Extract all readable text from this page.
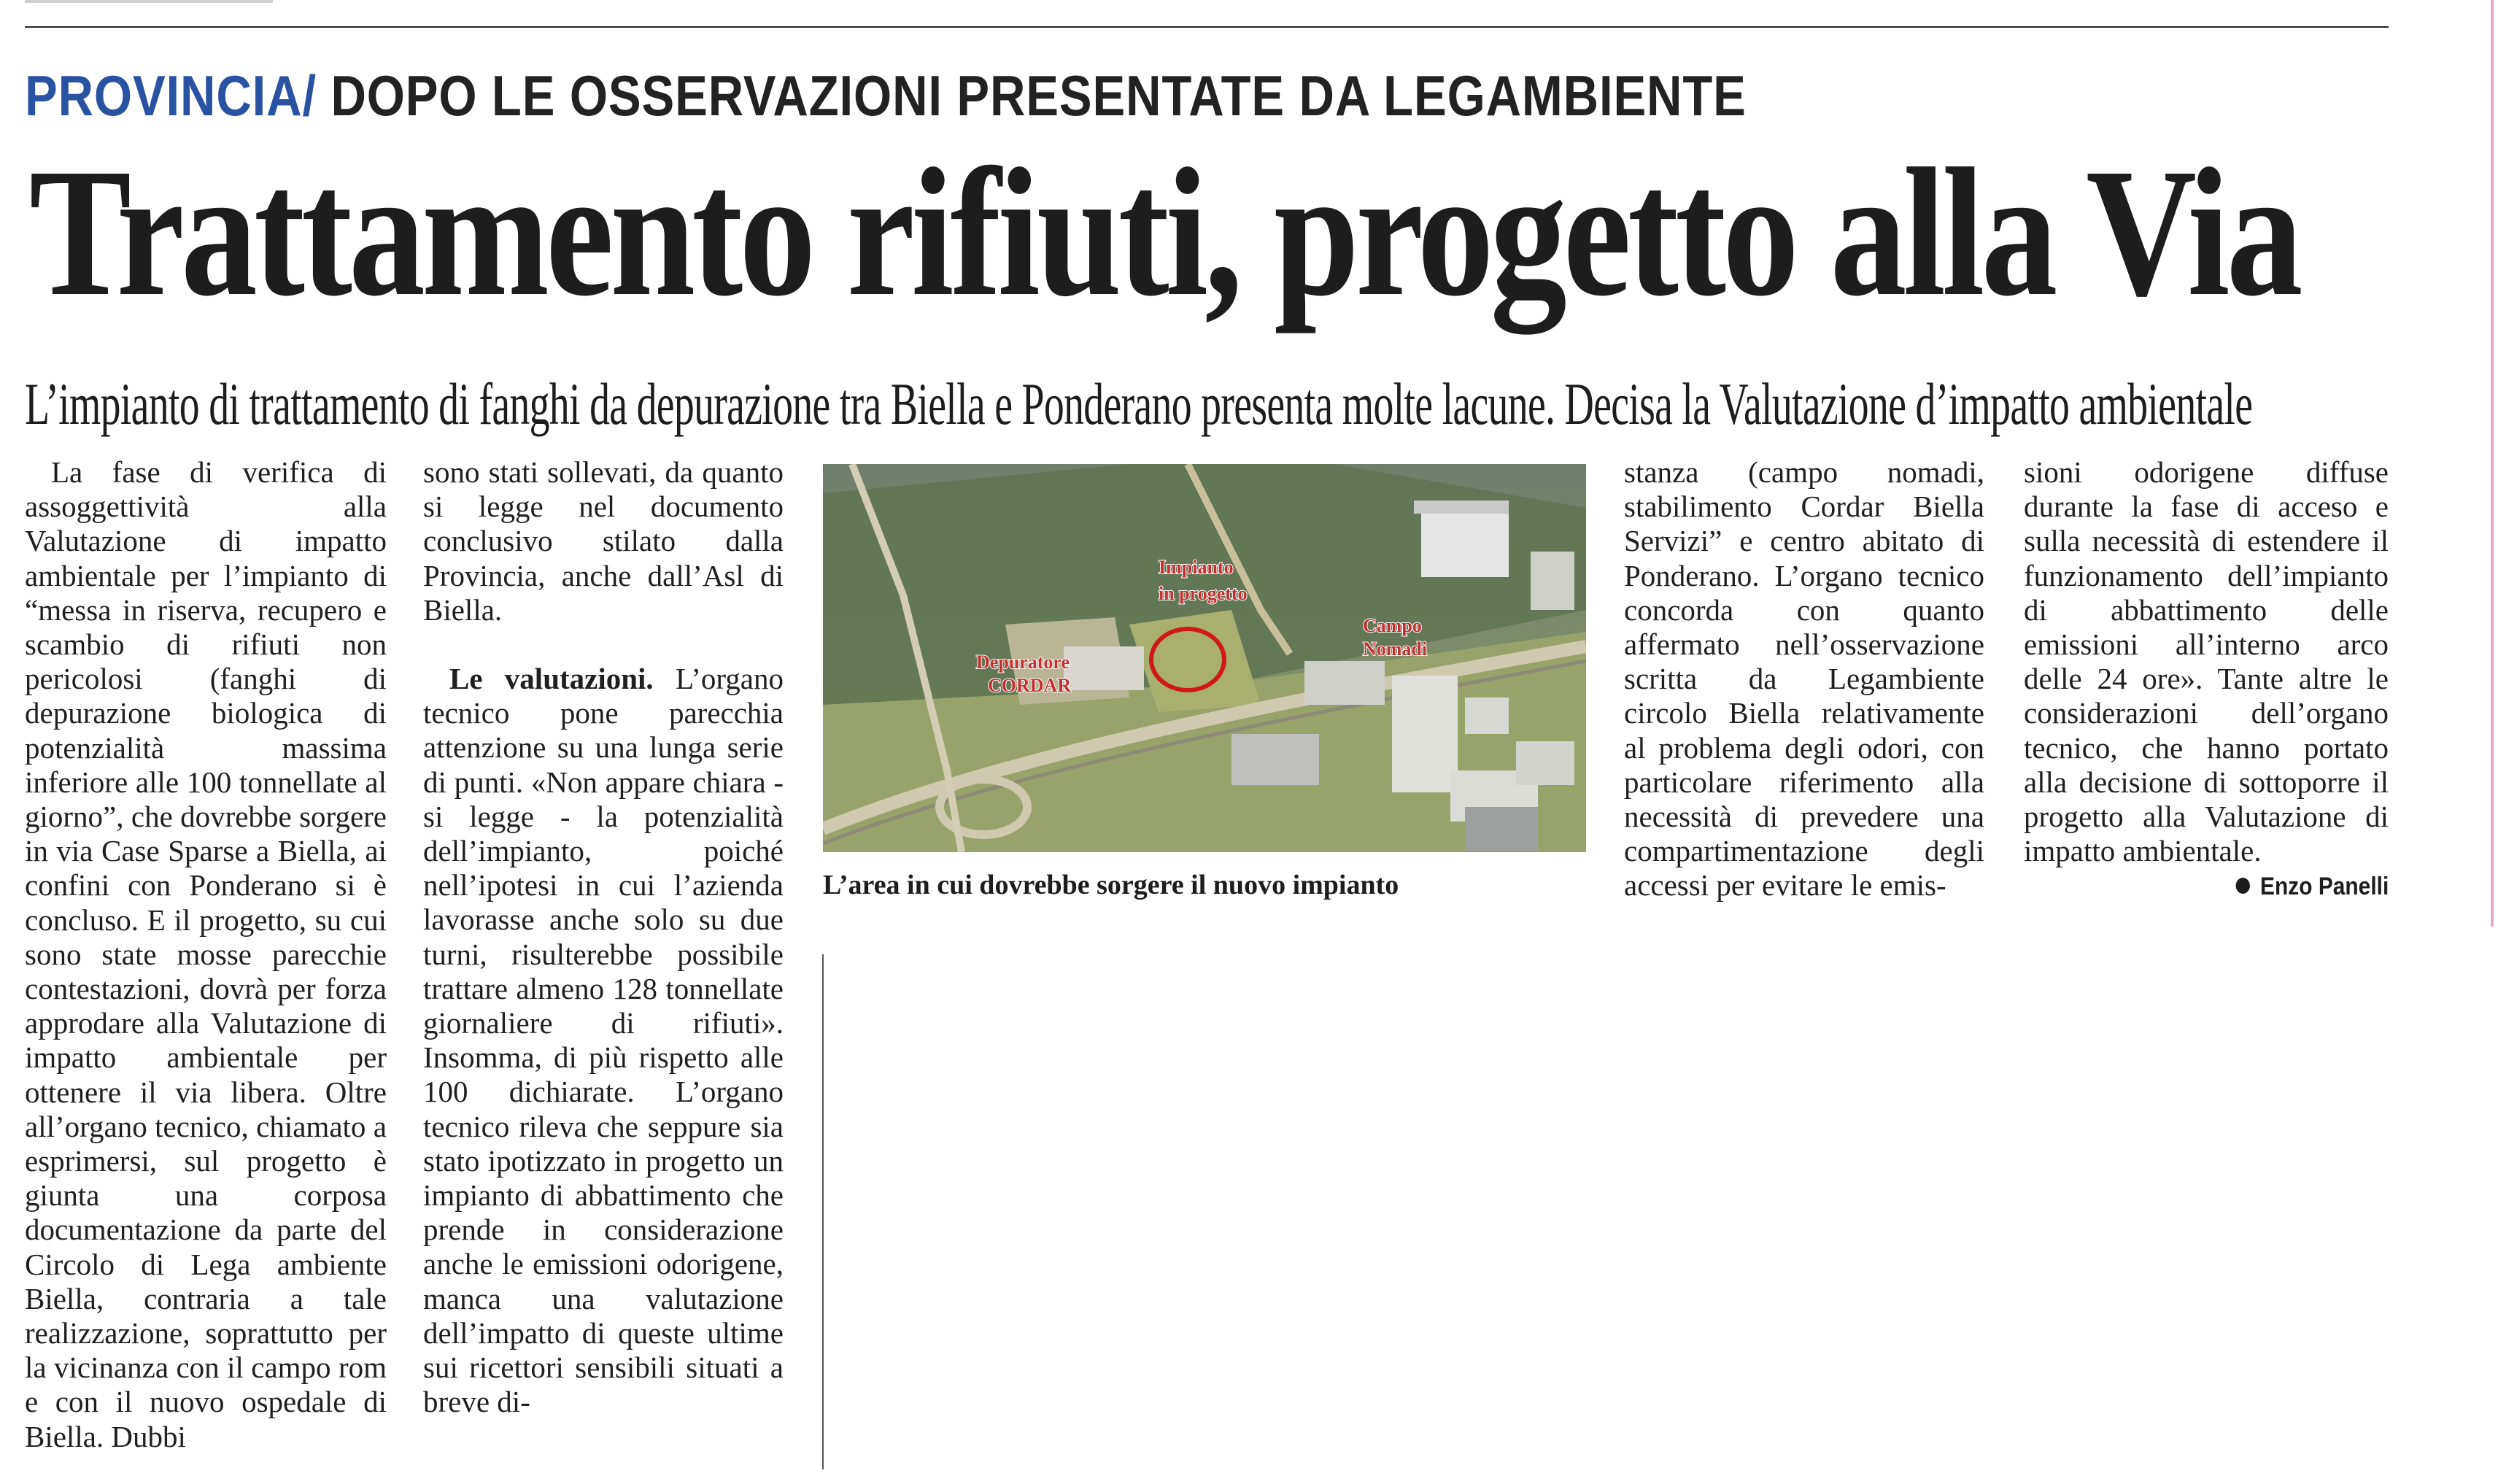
PROVINCIA/ DOPO LE OSSERVAZIONI PRESENTATE DA LEGAMBIENTE
Trattamento rifiuti, progetto alla Via
L’impianto di trattamento di fanghi da depurazione tra Biella e Ponderano presenta molte lacune. Decisa la Valutazione d’impatto ambientale

La fase di verifica di assoggettività alla Valutazione di impatto ambientale per l’impianto di “messa in riserva, recupero e scambio di rifiuti non pericolosi (fanghi di depurazione biologica di potenzialità massima inferiore alle 100 tonnellate al giorno”, che dovrebbe sorgere in via Case Sparse a Biella, ai confini con Ponderano si è concluso. E il progetto, su cui sono state mosse parecchie contestazioni, dovrà per forza approdare alla Valutazione di impatto ambientale per ottenere il via libera. Oltre all’organo tecnico, chiamato a esprimersi, sul progetto è giunta una corposa documentazione da parte del Circolo di Lega ambiente Biella, contraria a tale realizzazione, soprattutto per la vicinanza con il campo rom e con il nuovo ospedale di Biella. Dubbi

sono stati sollevati, da quanto si legge nel documento conclusivo stilato dalla Provincia, anche dall’Asl di Biella.

Le valutazioni. L’organo tecnico pone parecchia attenzione su una lunga serie di punti. «Non appare chiara - si legge - la potenzialità dell’impianto, poiché nell’ipotesi in cui l’azienda lavorasse anche solo su due turni, risulterebbe possibile trattare almeno 128 tonnellate giornaliere di rifiuti». Insomma, di più rispetto alle 100 dichiarate. L’organo tecnico rileva che seppure sia stato ipotizzato in progetto un impianto di abbattimento che prende in considerazione anche le emissioni odorigene, manca una valutazione dell’impatto di queste ultime sui ricettori sensibili situati a breve di-

Impianto
in progetto
Depuratore
CORDAR
Campo
Nomadi
L’area in cui dovrebbe sorgere il nuovo impianto

stanza (campo nomadi, stabilimento Cordar Biella Servizi” e centro abitato di Ponderano. L’organo tecnico concorda con quanto affermato nell’osservazione scritta da Legambiente circolo Biella relativamente al problema degli odori, con particolare riferimento alla necessità di prevedere una compartimentazione degli accessi per evitare le emis-

sioni odorigene diffuse durante la fase di acceso e sulla necessità di estendere il funzionamento dell’impianto di abbattimento delle emissioni all’interno arco delle 24 ore». Tante altre le considerazioni dell’organo tecnico, che hanno portato alla decisione di sottoporre il progetto alla Valutazione di impatto ambientale.

Enzo Panelli
